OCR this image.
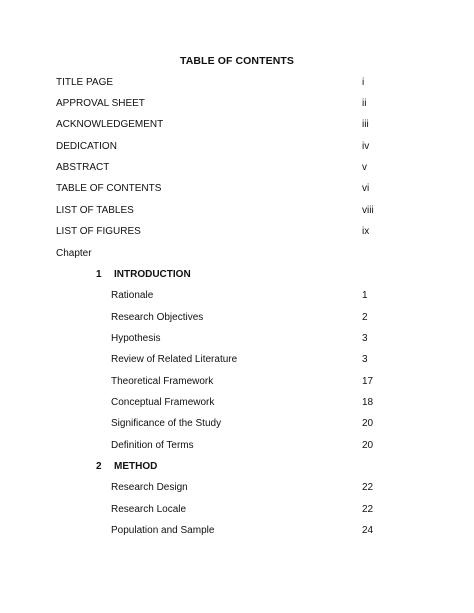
TABLE OF CONTENTS
TITLE PAGE	i
APPROVAL SHEET	ii
ACKNOWLEDGEMENT	iii
DEDICATION	iv
ABSTRACT	v
TABLE OF CONTENTS	vi
LIST OF TABLES	viii
LIST OF FIGURES	ix
Chapter
1 INTRODUCTION
Rationale	1
Research Objectives	2
Hypothesis	3
Review of Related Literature	3
Theoretical Framework	17
Conceptual Framework	18
Significance of the Study	20
Definition of Terms	20
2 METHOD
Research Design	22
Research Locale	22
Population and Sample	24
